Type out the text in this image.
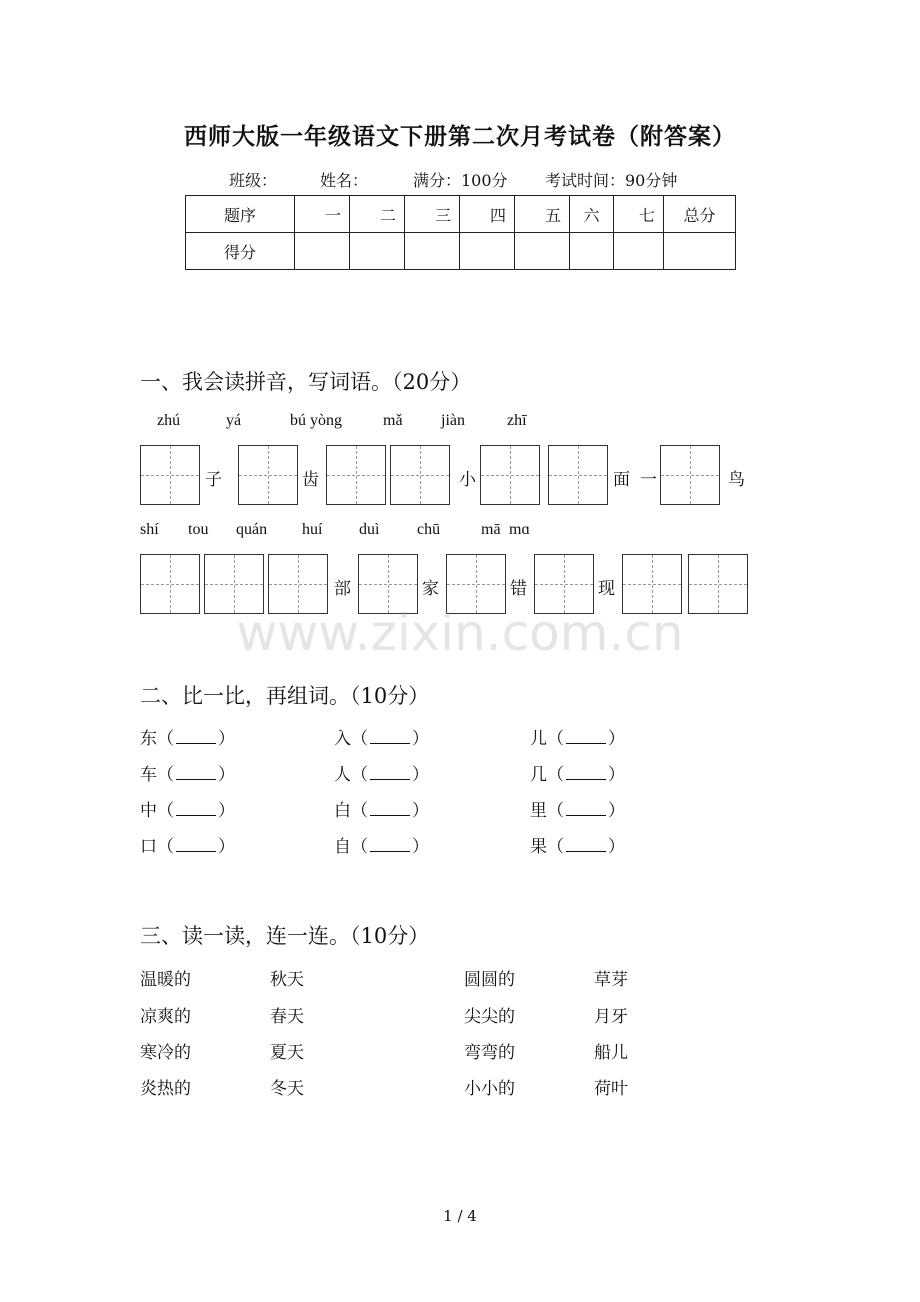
西师大版一年级语文下册第二次月考试卷（附答案）
班级：	姓名：	满分：100分 考试时间：90分钟
题序	一	二	三	四	五	六	七	总分
得分								
一、我会读拼音，写词语。（20分）
zhú	yá	bú yòng	mǎ jiàn	zhī
子	齿	小	面 一	鸟
shí tou quán huí duì chū	mā mɑ
部	家	错	现
www.zixin.com.cn
二、比一比，再组词。（10分）
东（	）	入（	）	儿（	）
车（	）	人（	）	几（	）
中（	）	白（	）	里（	）
口（	）	自（	）	果（	）
三、读一读，连一连。（10分）
温暖的	秋天	圆圆的	草芽
凉爽的	春天	尖尖的	月牙
寒冷的	夏天	弯弯的	船儿
炎热的	冬天	小小的	荷叶
1 / 4
